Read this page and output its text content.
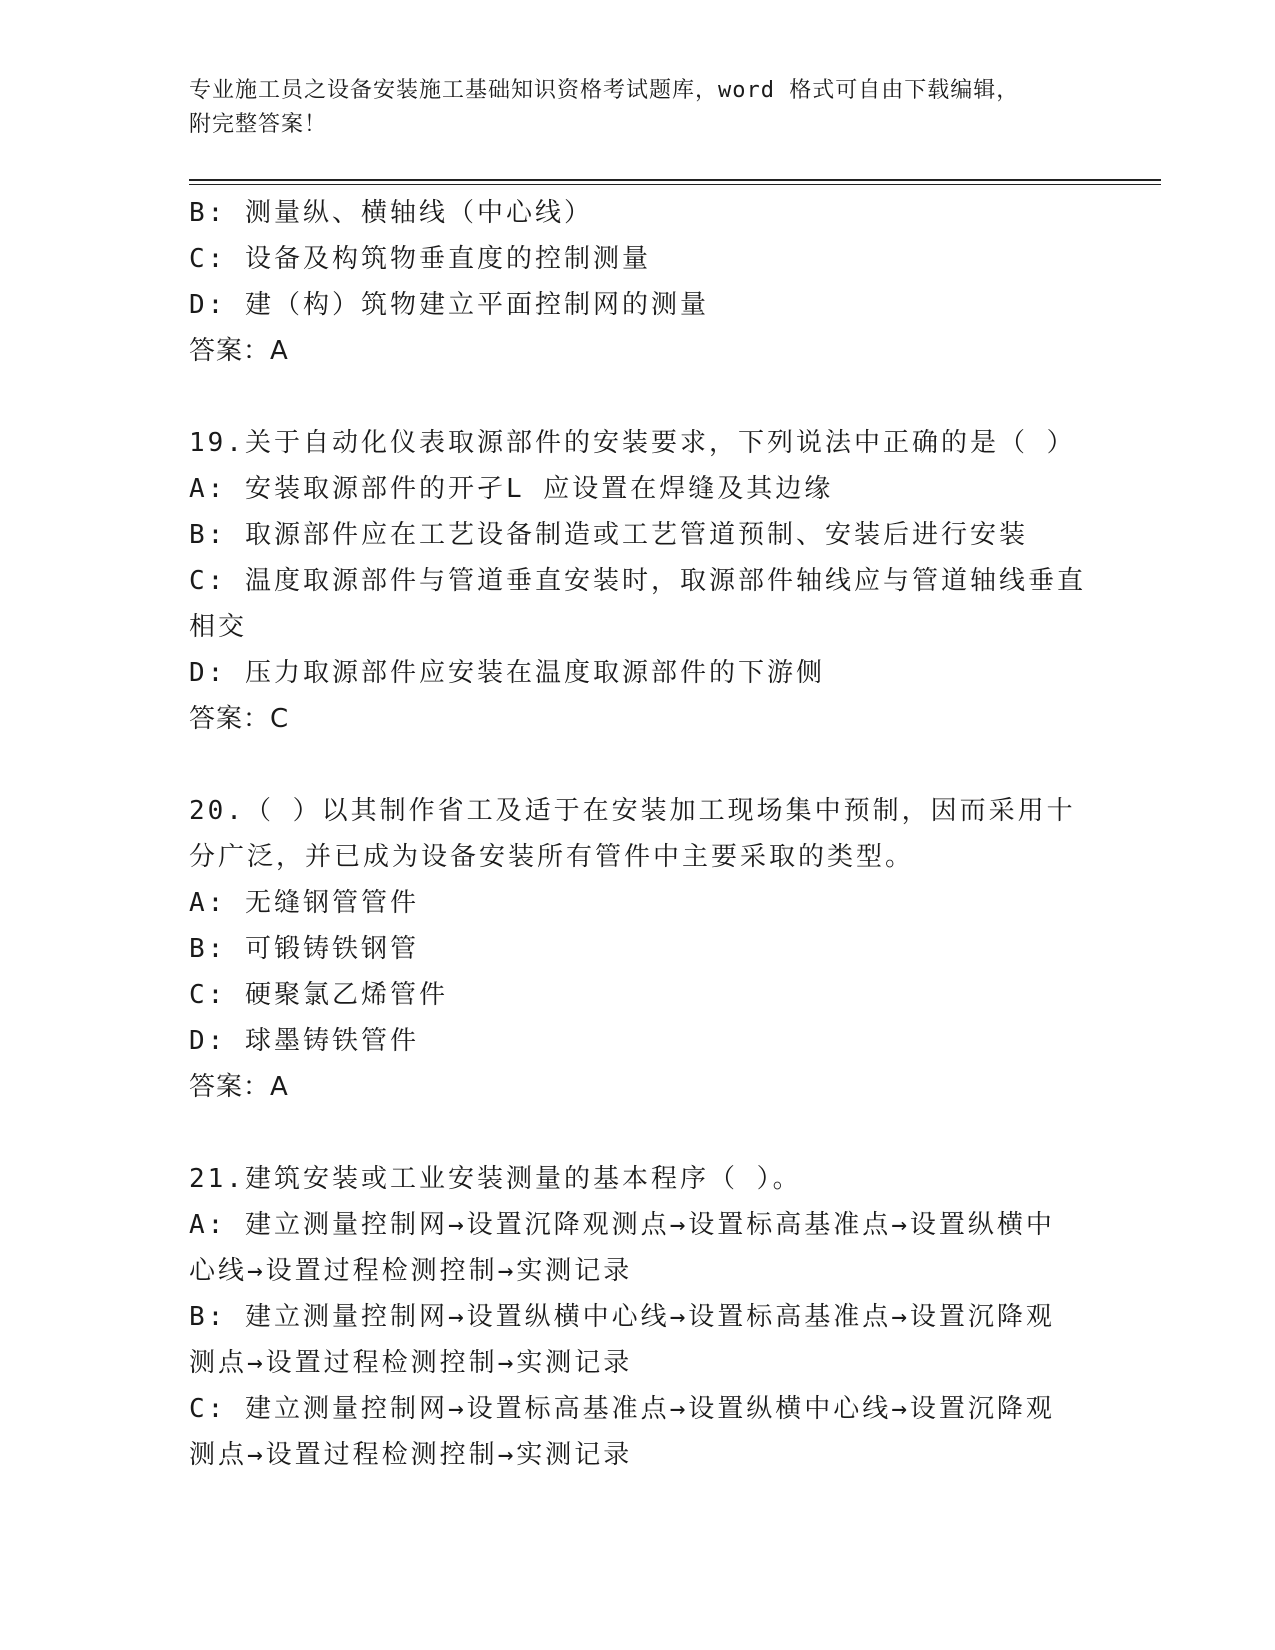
专业施工员之设备安装施工基础知识资格考试题库，word 格式可自由下载编辑，
附完整答案！
B: 测量纵、横轴线（中心线）
C: 设备及构筑物垂直度的控制测量
D: 建（构）筑物建立平面控制网的测量
答案：A
19.关于自动化仪表取源部件的安装要求，下列说法中正确的是（ ）
A: 安装取源部件的开孑L 应设置在焊缝及其边缘
B: 取源部件应在工艺设备制造或工艺管道预制、安装后进行安装
C: 温度取源部件与管道垂直安装时，取源部件轴线应与管道轴线垂直
相交
D: 压力取源部件应安装在温度取源部件的下游侧
答案：C
20.（ ）以其制作省工及适于在安装加工现场集中预制，因而采用十
分广泛，并已成为设备安装所有管件中主要采取的类型。
A: 无缝钢管管件
B: 可锻铸铁钢管
C: 硬聚氯乙烯管件
D: 球墨铸铁管件
答案：A
21.建筑安装或工业安装测量的基本程序（ ）。
A: 建立测量控制网→设置沉降观测点→设置标高基准点→设置纵横中
心线→设置过程检测控制→实测记录
B: 建立测量控制网→设置纵横中心线→设置标高基准点→设置沉降观
测点→设置过程检测控制→实测记录
C: 建立测量控制网→设置标高基准点→设置纵横中心线→设置沉降观
测点→设置过程检测控制→实测记录
